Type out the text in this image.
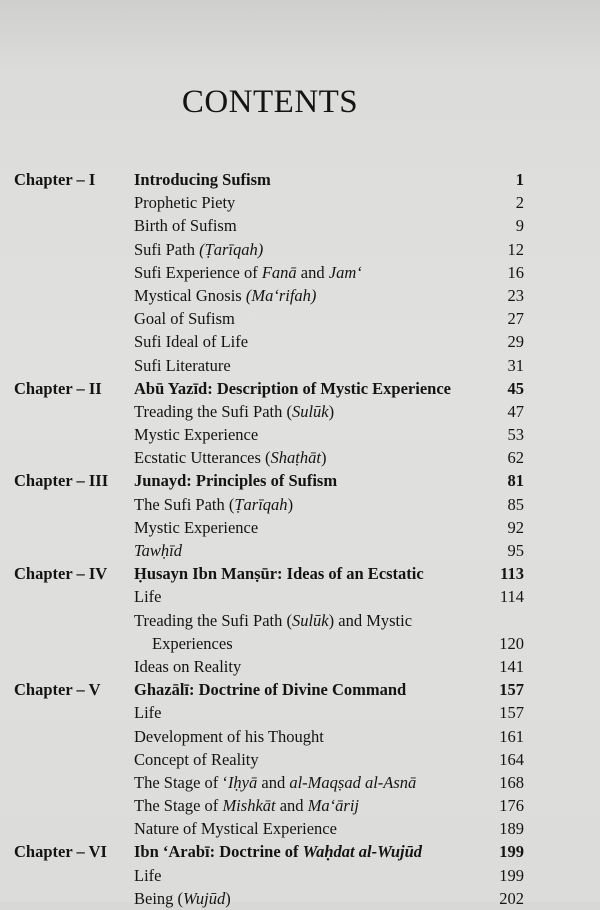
CONTENTS
Chapter – I Introducing Sufism	1
Prophetic Piety	2
Birth of Sufism	9
Sufi Path (Ṭarīqah)	12
Sufi Experience of Fanā and Jam‘	16
Mystical Gnosis (Ma‘rifah)	23
Goal of Sufism	27
Sufi Ideal of Life	29
Sufi Literature	31
Chapter – II Abū Yazīd: Description of Mystic Experience	45
Treading the Sufi Path (Sulūk)	47
Mystic Experience	53
Ecstatic Utterances (Shaṭhāt)	62
Chapter – III Junayd: Principles of Sufism	81
The Sufi Path (Ṭarīqah)	85
Mystic Experience	92
Tawḥīd	95
Chapter – IV Ḥusayn Ibn Manṣūr: Ideas of an Ecstatic	113
Life	114
Treading the Sufi Path (Sulūk) and Mystic
Experiences	120
Ideas on Reality	141
Chapter – V Ghazālī: Doctrine of Divine Command	157
Life	157
Development of his Thought	161
Concept of Reality	164
The Stage of ‘Iḥyā and al-Maqṣad al-Asnā	168
The Stage of Mishkāt and Ma‘ārij	176
Nature of Mystical Experience	189
Chapter – VI Ibn ‘Arabī: Doctrine of Waḥdat al-Wujūd	199
Life	199
Being (Wujūd)	202
